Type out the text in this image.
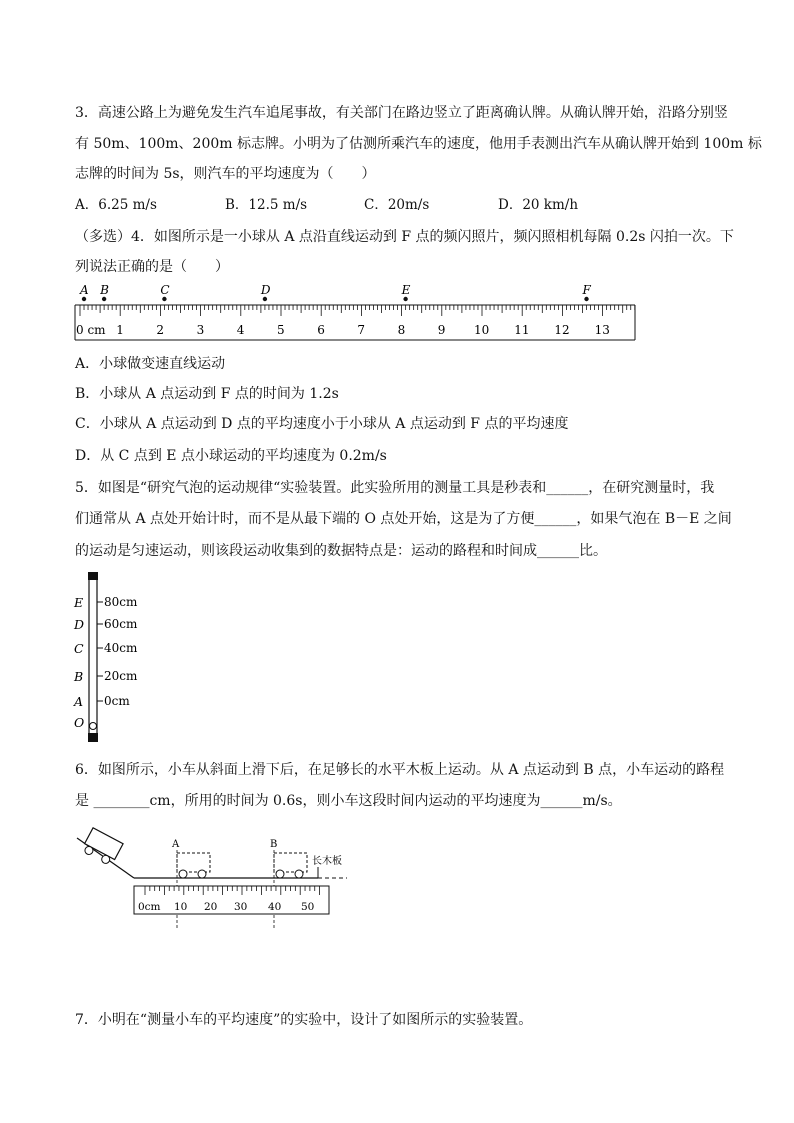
3．高速公路上为避免发生汽车追尾事故，有关部门在路边竖立了距离确认牌。从确认牌开始，沿路分别竖
有 50m、100m、200m 标志牌。小明为了估测所乘汽车的速度，他用手表测出汽车从确认牌开始到 100m 标
志牌的时间为 5s，则汽车的平均速度为（　　）
A．6.25 m/s	B．12.5 m/s	C．20m/s	D．20 km/h
（多选）4．如图所示是一小球从 A 点沿直线运动到 F 点的频闪照片，频闪照相机每隔 0.2s 闪拍一次。下
列说法正确的是（　　）
A B	C	D	E	F
0 cm 1	2	3	4	5	6	7	8	9 10 11 12 13
A．小球做变速直线运动
B．小球从 A 点运动到 F 点的时间为 1.2s
C．小球从 A 点运动到 D 点的平均速度小于小球从 A 点运动到 F 点的平均速度
D．从 C 点到 E 点小球运动的平均速度为 0.2m/s
5．如图是“研究气泡的运动规律“实验装置。此实验所用的测量工具是秒表和______，在研究测量时，我
们通常从 A 点处开始计时，而不是从最下端的 O 点处开始，这是为了方便______，如果气泡在 B－E 之间
的运动是匀速运动，则该段运动收集到的数据特点是：运动的路程和时间成______比。
E 80cm
D 60cm
C 40cm
B 20cm
A 0cm
O
6．如图所示，小车从斜面上滑下后，在足够长的水平木板上运动。从 A 点运动到 B 点，小车运动的路程
是 ________cm，所用的时间为 0.6s，则小车这段时间内运动的平均速度为______m/s。
A	B
长木板
0cm 10 20 30 40 50
7．小明在“测量小车的平均速度”的实验中，设计了如图所示的实验装置。
